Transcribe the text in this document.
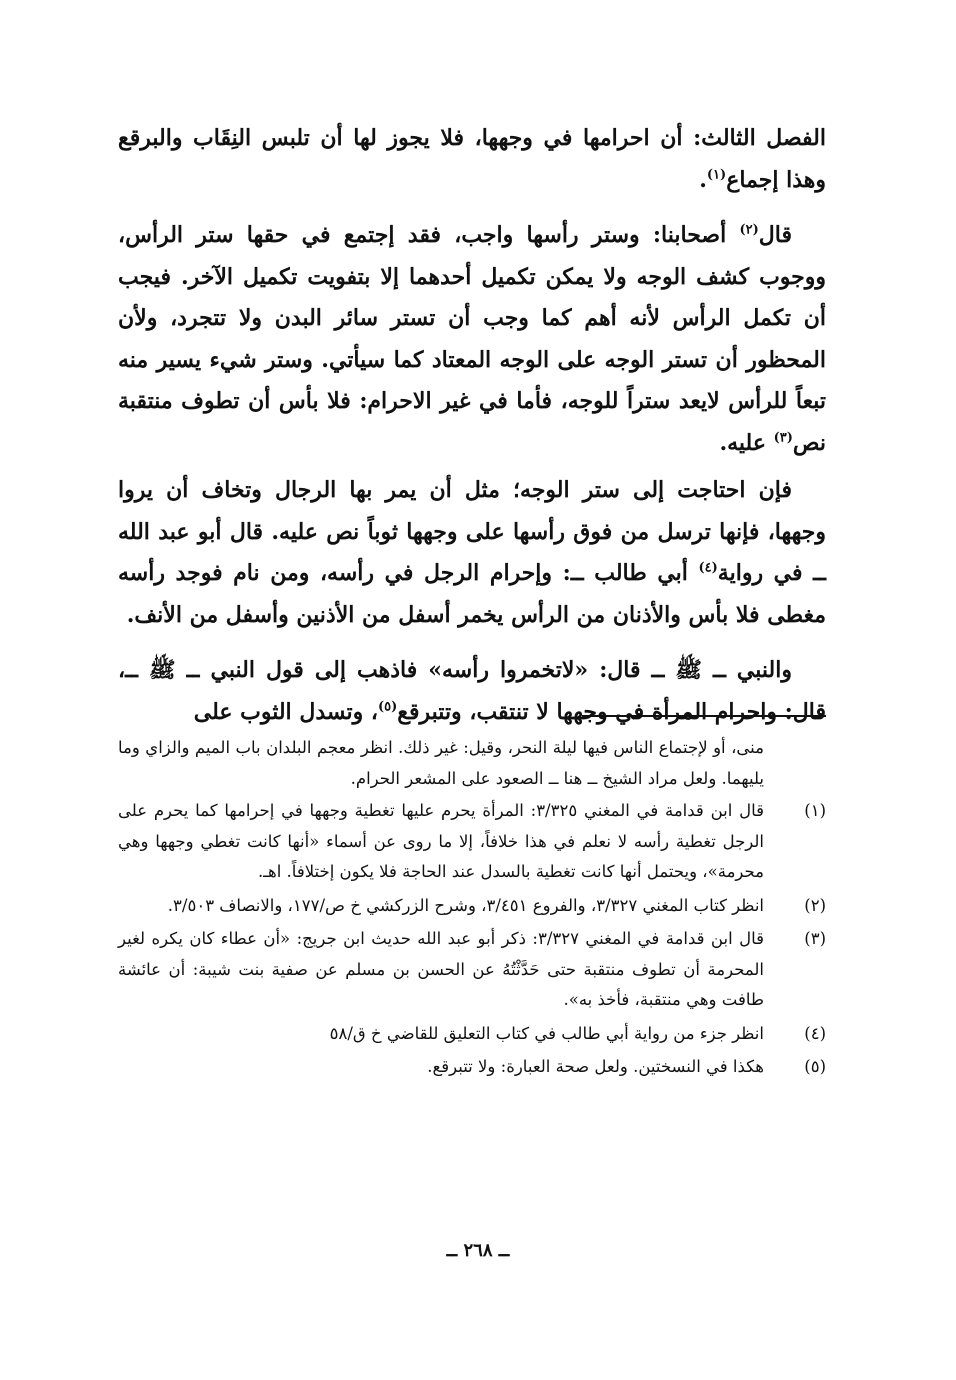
الفصل الثالث: أن احرامها في وجهها، فلا يجوز لها أن تلبس النِقَاب والبرقع وهذا إجماع$^{(١)}$.

قال$^{(٢)}$ أصحابنا: وستر رأسها واجب، فقد إجتمع في حقها ستر الرأس، ووجوب كشف الوجه ولا يمكن تكميل أحدهما إلا بتفويت تكميل الآخر. فيجب أن تكمل الرأس لأنه أهم كما وجب أن تستر سائر البدن ولا تتجرد، ولأن المحظور أن تستر الوجه على الوجه المعتاد كما سيأتي. وستر شيء يسير منه تبعاً للرأس لايعد ستراً للوجه، فأما في غير الاحرام: فلا بأس أن تطوف منتقبة نص$^{(٣)}$ عليه.

فإن احتاجت إلى ستر الوجه؛ مثل أن يمر بها الرجال وتخاف أن يروا وجهها، فإنها ترسل من فوق رأسها على وجهها ثوباً نص عليه. قال أبو عبد الله ــ في رواية$^{(٤)}$ أبي طالب ــ: وإحرام الرجل في رأسه، ومن نام فوجد رأسه مغطى فلا بأس والأذنان من الرأس يخمر أسفل من الأذنين وأسفل من الأنف.

والنبي ــ ﷺ ــ قال: «لاتخمروا رأسه» فاذهب إلى قول النبي ــ ﷺ ــ، قال: واحرام المرأة في وجهها لا تنتقب، وتتبرقع$^{(٥)}$، وتسدل الثوب على

منى، أو لإجتماع الناس فيها ليلة النحر، وقيل: غير ذلك. انظر معجم البلدان باب الميم والزاي وما يليهما. ولعل مراد الشيخ ــ هنا ــ الصعود على المشعر الحرام.
(١)
قال ابن قدامة في المغني ٣/٣٢٥: المرأة يحرم عليها تغطية وجهها في إحرامها كما يحرم على الرجل تغطية رأسه لا نعلم في هذا خلافاً، إلا ما روى عن أسماء «أنها كانت تغطي وجهها وهي محرمة»، ويحتمل أنها كانت تغطية بالسدل عند الحاجة فلا يكون إختلافاً. اهـ.
(٢)
انظر كتاب المغني ٣/٣٢٧، والفروع ٣/٤٥١، وشرح الزركشي خ ص/١٧٧، والانصاف ٣/٥٠٣.
(٣)
قال ابن قدامة في المغني ٣/٣٢٧: ذكر أبو عبد الله حديث ابن جريج: «أن عطاء كان يكره لغير المحرمة أن تطوف منتقبة حتى حَدَّثْتُهُ عن الحسن بن مسلم عن صفية بنت شيبة: أن عائشة طافت وهي منتقبة، فأخذ به».
(٤)
انظر جزء من رواية أبي طالب في كتاب التعليق للقاضي خ ق/٥٨
(٥)
هكذا في النسختين. ولعل صحة العبارة: ولا تتبرقع.
ــ ٢٦٨ ــ
